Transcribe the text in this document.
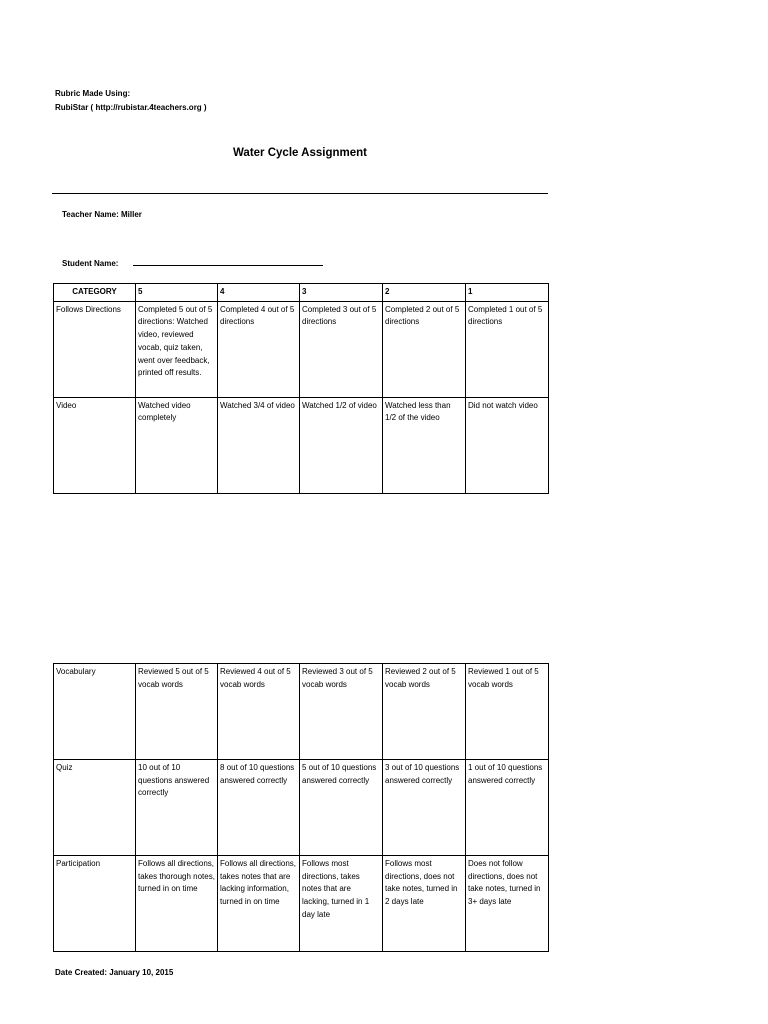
Rubric Made Using:
RubiStar ( http://rubistar.4teachers.org )
Water Cycle Assignment
Teacher Name: Miller
Student Name:
CATEGORY	5	4	3	2	1
Follows Directions	Completed 5 out of 5 directions: Watched video, reviewed vocab, quiz taken, went over feedback, printed off results.	Completed 4 out of 5 directions	Completed 3 out of 5 directions	Completed 2 out of 5 directions	Completed 1 out of 5 directions
Video	Watched video completely	Watched 3/4 of video	Watched 1/2 of video	Watched less than 1/2 of the video	Did not watch video
Vocabulary	Reviewed 5 out of 5 vocab words	Reviewed 4 out of 5 vocab words	Reviewed 3 out of 5 vocab words	Reviewed 2 out of 5 vocab words	Reviewed 1 out of 5 vocab words
Quiz	10 out of 10 questions answered correctly	8 out of 10 questions answered correctly	5 out of 10 questions answered correctly	3 out of 10 questions answered correctly	1 out of 10 questions answered correctly
Participation	Follows all directions, takes thorough notes, turned in on time	Follows all directions, takes notes that are lacking information, turned in on time	Follows most directions, takes notes that are lacking, turned in 1 day late	Follows most directions, does not take notes, turned in 2 days late	Does not follow directions, does not take notes, turned in 3+ days late
Date Created: January 10, 2015
